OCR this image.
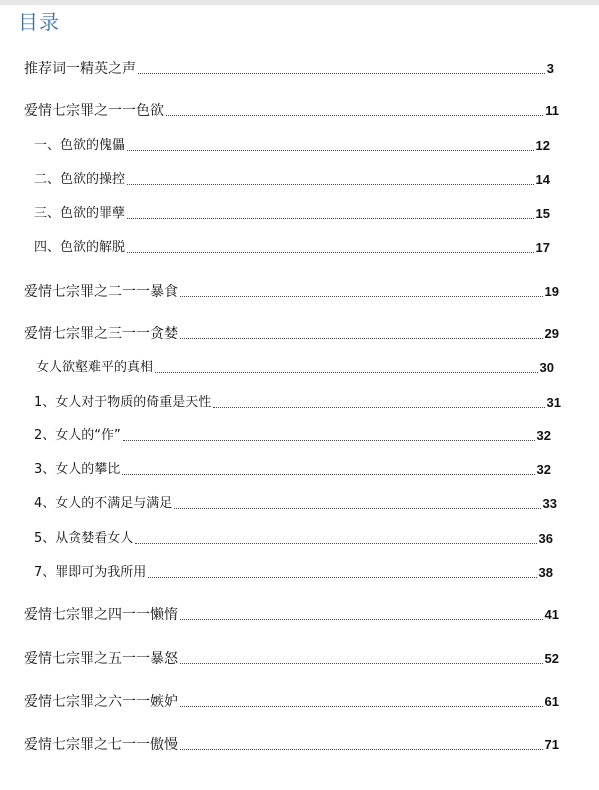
目录
推荐词一精英之声	3
爱情七宗罪之一一色欲	11
一、色欲的傀儡	12
二、色欲的操控	14
三、色欲的罪孽	15
四、色欲的解脱	17
爱情七宗罪之二一一暴食	19
爱情七宗罪之三一一贪婪	29
女人欲壑难平的真相	30
1、女人对于物质的倚重是天性	31
2、女人的“作”	32
3、女人的攀比	32
4、女人的不满足与满足	33
5、从贪婪看女人	36
7、罪即可为我所用	38
爱情七宗罪之四一一懒惰	41
爱情七宗罪之五一一暴怒	52
爱情七宗罪之六一一嫉妒	61
爱情七宗罪之七一一傲慢	71
